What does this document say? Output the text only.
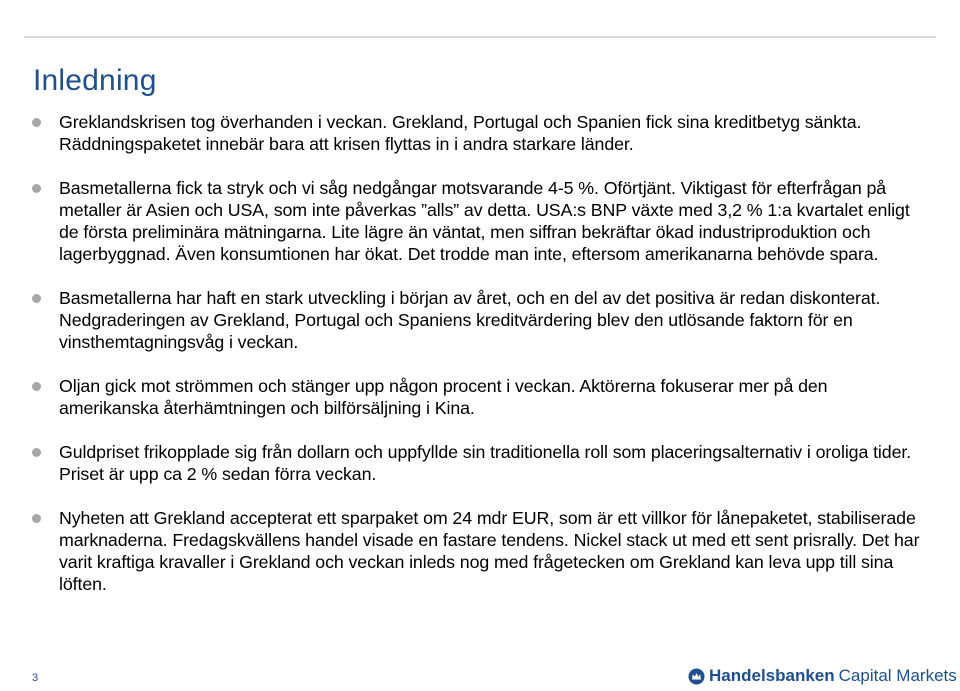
Inledning
Greklandskrisen tog överhanden i veckan. Grekland, Portugal och Spanien fick sina kreditbetyg sänkta. Räddningspaketet innebär bara att krisen flyttas in i andra starkare länder.
Basmetallerna fick ta stryk och vi såg nedgångar motsvarande 4-5 %. Oförtjänt. Viktigast för efterfrågan på metaller är Asien och USA, som inte påverkas ”alls” av detta. USA:s BNP växte med 3,2 % 1:a kvartalet enligt de första preliminära mätningarna. Lite lägre än väntat, men siffran bekräftar ökad industriproduktion och lagerbyggnad. Även konsumtionen har ökat. Det trodde man inte, eftersom amerikanarna behövde spara.
Basmetallerna har haft en stark utveckling i början av året, och en del av det positiva är redan diskonterat. Nedgraderingen av Grekland, Portugal och Spaniens kreditvärdering blev den utlösande faktorn för en vinsthemtagningsvåg i veckan.
Oljan gick mot strömmen och stänger upp någon procent i veckan. Aktörerna fokuserar mer på den amerikanska återhämtningen och bilförsäljning i Kina.
Guldpriset frikopplade sig från dollarn och uppfyllde sin traditionella roll som placeringsalternativ i oroliga tider. Priset är upp ca 2 % sedan förra veckan.
Nyheten att Grekland accepterat ett sparpaket om 24 mdr EUR, som är ett villkor för lånepaketet, stabiliserade marknaderna. Fredagskvällens handel visade en fastare tendens. Nickel stack ut med ett sent prisrally. Det har varit kraftiga kravaller i Grekland och veckan inleds nog med frågetecken om Grekland kan leva upp till sina löften.
3	Handelsbanken Capital Markets
